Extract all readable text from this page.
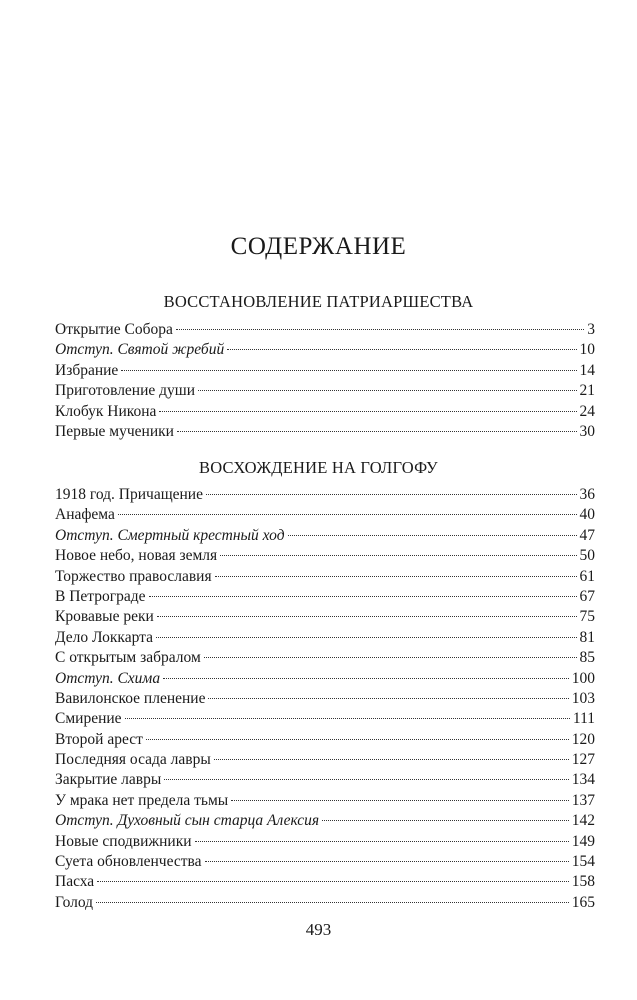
СОДЕРЖАНИЕ
ВОССТАНОВЛЕНИЕ ПАТРИАРШЕСТВА
Открытие Собора	3
Отступ. Святой жребий	10
Избрание	14
Приготовление души	21
Клобук Никона	24
Первые мученики	30
ВОСХОЖДЕНИЕ НА ГОЛГОФУ
1918 год. Причащение	36
Анафема	40
Отступ. Смертный крестный ход	47
Новое небо, новая земля	50
Торжество православия	61
В Петрограде	67
Кровавые реки	75
Дело Локкарта	81
С открытым забралом	85
Отступ. Схима	100
Вавилонское пленение	103
Смирение	111
Второй арест	120
Последняя осада лавры	127
Закрытие лавры	134
У мрака нет предела тьмы	137
Отступ. Духовный сын старца Алексия	142
Новые сподвижники	149
Суета обновленчества	154
Пасха	158
Голод	165
493
